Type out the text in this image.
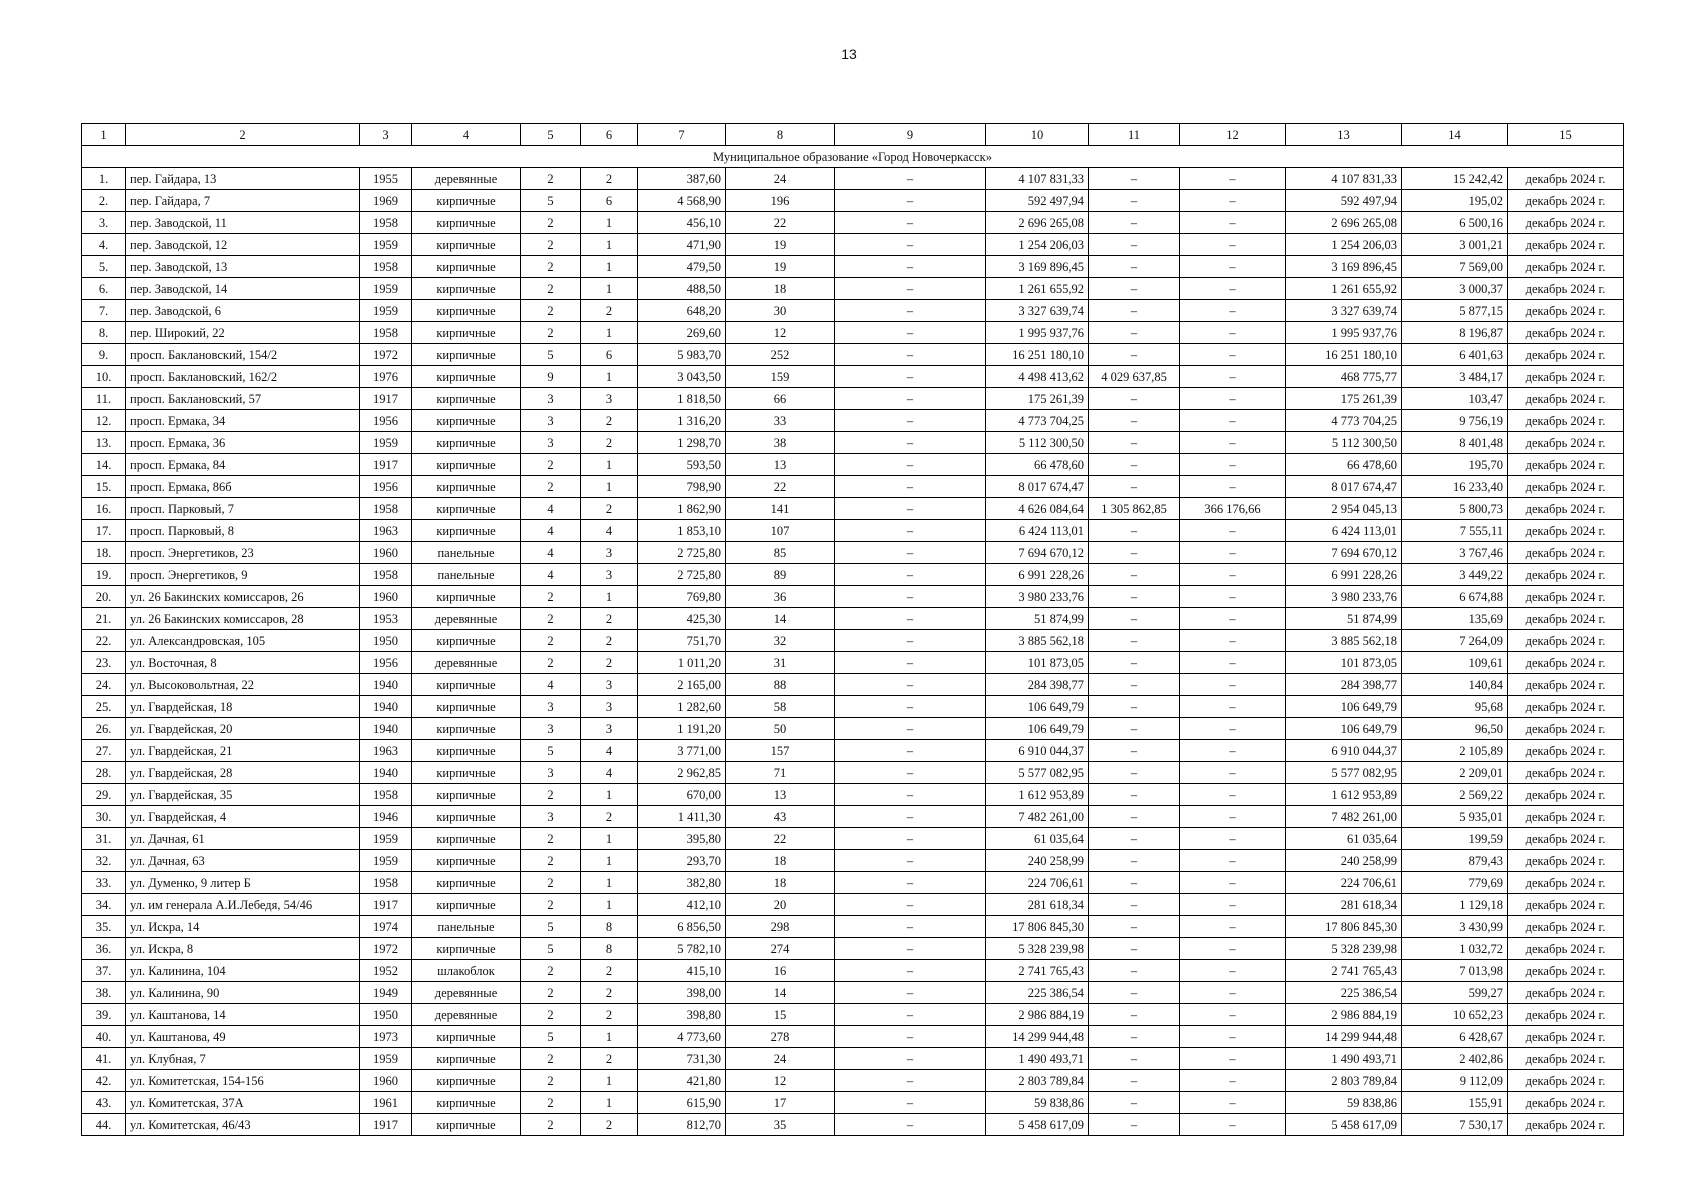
13
1	2	3	4	5	6	7	8	9	10	11	12	13	14	15
Муниципальное образование «Город Новочеркасск»														
1.	пер. Гайдара, 13	1955	деревянные	2	2	387,60	24	–	4 107 831,33	–	–	4 107 831,33	15 242,42	декабрь 2024 г.
2.	пер. Гайдара, 7	1969	кирпичные	5	6	4 568,90	196	–	592 497,94	–	–	592 497,94	195,02	декабрь 2024 г.
3.	пер. Заводской, 11	1958	кирпичные	2	1	456,10	22	–	2 696 265,08	–	–	2 696 265,08	6 500,16	декабрь 2024 г.
4.	пер. Заводской, 12	1959	кирпичные	2	1	471,90	19	–	1 254 206,03	–	–	1 254 206,03	3 001,21	декабрь 2024 г.
5.	пер. Заводской, 13	1958	кирпичные	2	1	479,50	19	–	3 169 896,45	–	–	3 169 896,45	7 569,00	декабрь 2024 г.
6.	пер. Заводской, 14	1959	кирпичные	2	1	488,50	18	–	1 261 655,92	–	–	1 261 655,92	3 000,37	декабрь 2024 г.
7.	пер. Заводской, 6	1959	кирпичные	2	2	648,20	30	–	3 327 639,74	–	–	3 327 639,74	5 877,15	декабрь 2024 г.
8.	пер. Широкий, 22	1958	кирпичные	2	1	269,60	12	–	1 995 937,76	–	–	1 995 937,76	8 196,87	декабрь 2024 г.
9.	просп. Баклановский, 154/2	1972	кирпичные	5	6	5 983,70	252	–	16 251 180,10	–	–	16 251 180,10	6 401,63	декабрь 2024 г.
10.	просп. Баклановский, 162/2	1976	кирпичные	9	1	3 043,50	159	–	4 498 413,62	4 029 637,85	–	468 775,77	3 484,17	декабрь 2024 г.
11.	просп. Баклановский, 57	1917	кирпичные	3	3	1 818,50	66	–	175 261,39	–	–	175 261,39	103,47	декабрь 2024 г.
12.	просп. Ермака, 34	1956	кирпичные	3	2	1 316,20	33	–	4 773 704,25	–	–	4 773 704,25	9 756,19	декабрь 2024 г.
13.	просп. Ермака, 36	1959	кирпичные	3	2	1 298,70	38	–	5 112 300,50	–	–	5 112 300,50	8 401,48	декабрь 2024 г.
14.	просп. Ермака, 84	1917	кирпичные	2	1	593,50	13	–	66 478,60	–	–	66 478,60	195,70	декабрь 2024 г.
15.	просп. Ермака, 86б	1956	кирпичные	2	1	798,90	22	–	8 017 674,47	–	–	8 017 674,47	16 233,40	декабрь 2024 г.
16.	просп. Парковый, 7	1958	кирпичные	4	2	1 862,90	141	–	4 626 084,64	1 305 862,85	366 176,66	2 954 045,13	5 800,73	декабрь 2024 г.
17.	просп. Парковый, 8	1963	кирпичные	4	4	1 853,10	107	–	6 424 113,01	–	–	6 424 113,01	7 555,11	декабрь 2024 г.
18.	просп. Энергетиков, 23	1960	панельные	4	3	2 725,80	85	–	7 694 670,12	–	–	7 694 670,12	3 767,46	декабрь 2024 г.
19.	просп. Энергетиков, 9	1958	панельные	4	3	2 725,80	89	–	6 991 228,26	–	–	6 991 228,26	3 449,22	декабрь 2024 г.
20.	ул. 26 Бакинских комиссаров, 26	1960	кирпичные	2	1	769,80	36	–	3 980 233,76	–	–	3 980 233,76	6 674,88	декабрь 2024 г.
21.	ул. 26 Бакинских комиссаров, 28	1953	деревянные	2	2	425,30	14	–	51 874,99	–	–	51 874,99	135,69	декабрь 2024 г.
22.	ул. Александровская, 105	1950	кирпичные	2	2	751,70	32	–	3 885 562,18	–	–	3 885 562,18	7 264,09	декабрь 2024 г.
23.	ул. Восточная, 8	1956	деревянные	2	2	1 011,20	31	–	101 873,05	–	–	101 873,05	109,61	декабрь 2024 г.
24.	ул. Высоковольтная, 22	1940	кирпичные	4	3	2 165,00	88	–	284 398,77	–	–	284 398,77	140,84	декабрь 2024 г.
25.	ул. Гвардейская, 18	1940	кирпичные	3	3	1 282,60	58	–	106 649,79	–	–	106 649,79	95,68	декабрь 2024 г.
26.	ул. Гвардейская, 20	1940	кирпичные	3	3	1 191,20	50	–	106 649,79	–	–	106 649,79	96,50	декабрь 2024 г.
27.	ул. Гвардейская, 21	1963	кирпичные	5	4	3 771,00	157	–	6 910 044,37	–	–	6 910 044,37	2 105,89	декабрь 2024 г.
28.	ул. Гвардейская, 28	1940	кирпичные	3	4	2 962,85	71	–	5 577 082,95	–	–	5 577 082,95	2 209,01	декабрь 2024 г.
29.	ул. Гвардейская, 35	1958	кирпичные	2	1	670,00	13	–	1 612 953,89	–	–	1 612 953,89	2 569,22	декабрь 2024 г.
30.	ул. Гвардейская, 4	1946	кирпичные	3	2	1 411,30	43	–	7 482 261,00	–	–	7 482 261,00	5 935,01	декабрь 2024 г.
31.	ул. Дачная, 61	1959	кирпичные	2	1	395,80	22	–	61 035,64	–	–	61 035,64	199,59	декабрь 2024 г.
32.	ул. Дачная, 63	1959	кирпичные	2	1	293,70	18	–	240 258,99	–	–	240 258,99	879,43	декабрь 2024 г.
33.	ул. Думенко, 9 литер Б	1958	кирпичные	2	1	382,80	18	–	224 706,61	–	–	224 706,61	779,69	декабрь 2024 г.
34.	ул. им генерала А.И.Лебедя, 54/46	1917	кирпичные	2	1	412,10	20	–	281 618,34	–	–	281 618,34	1 129,18	декабрь 2024 г.
35.	ул. Искра, 14	1974	панельные	5	8	6 856,50	298	–	17 806 845,30	–	–	17 806 845,30	3 430,99	декабрь 2024 г.
36.	ул. Искра, 8	1972	кирпичные	5	8	5 782,10	274	–	5 328 239,98	–	–	5 328 239,98	1 032,72	декабрь 2024 г.
37.	ул. Калинина, 104	1952	шлакоблок	2	2	415,10	16	–	2 741 765,43	–	–	2 741 765,43	7 013,98	декабрь 2024 г.
38.	ул. Калинина, 90	1949	деревянные	2	2	398,00	14	–	225 386,54	–	–	225 386,54	599,27	декабрь 2024 г.
39.	ул. Каштанова, 14	1950	деревянные	2	2	398,80	15	–	2 986 884,19	–	–	2 986 884,19	10 652,23	декабрь 2024 г.
40.	ул. Каштанова, 49	1973	кирпичные	5	1	4 773,60	278	–	14 299 944,48	–	–	14 299 944,48	6 428,67	декабрь 2024 г.
41.	ул. Клубная, 7	1959	кирпичные	2	2	731,30	24	–	1 490 493,71	–	–	1 490 493,71	2 402,86	декабрь 2024 г.
42.	ул. Комитетская, 154-156	1960	кирпичные	2	1	421,80	12	–	2 803 789,84	–	–	2 803 789,84	9 112,09	декабрь 2024 г.
43.	ул. Комитетская, 37А	1961	кирпичные	2	1	615,90	17	–	59 838,86	–	–	59 838,86	155,91	декабрь 2024 г.
44.	ул. Комитетская, 46/43	1917	кирпичные	2	2	812,70	35	–	5 458 617,09	–	–	5 458 617,09	7 530,17	декабрь 2024 г.
